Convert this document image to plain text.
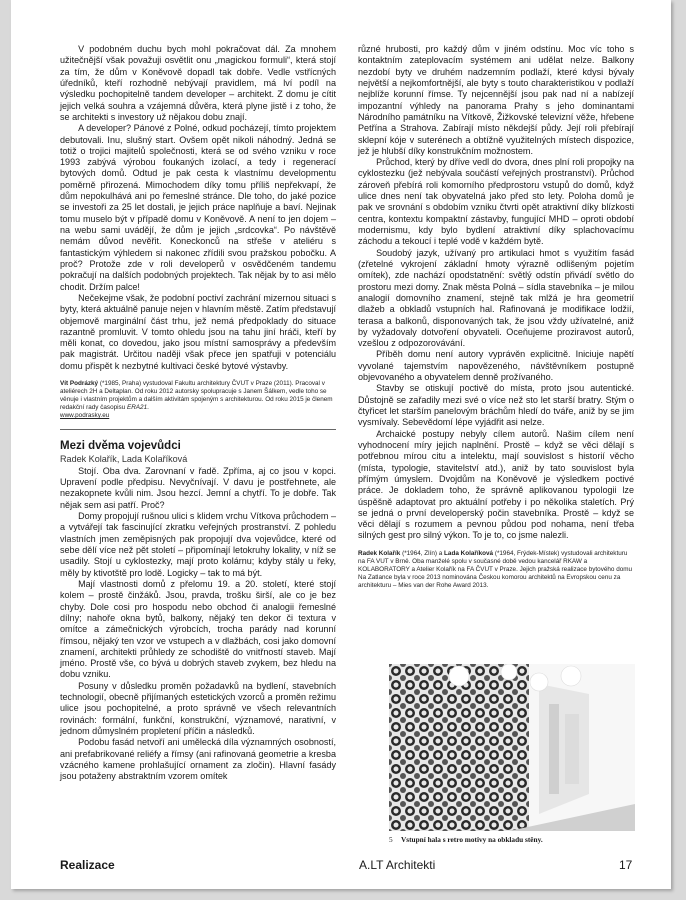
V podobném duchu bych mohl pokračovat dál. Za mnohem užitečnější však považuji osvětlit onu „magickou formuli“, která stojí za tím, že dům v Koněvově dopadl tak dobře. Vedle vstřícných úředníků, kteří rozhodně nebývají pravidlem, má lví podíl na výsledku pochopitelně tandem developer – architekt. Z domu je cítit jejich velká souhra a vzájemná důvěra, která plyne jistě i z toho, že se architekti s investory už nějakou dobu znají.

A developer? Pánové z Polné, odkud pocházejí, tímto projektem debutovali. Inu, slušný start. Ovšem opět nikoli náhodný. Jedná se totiž o trojici majitelů společnosti, která se od svého vzniku v roce 1993 zabývá výrobou foukaných izolací, a tedy i regenerací bytových domů. Odtud je pak cesta k vlastnímu developmentu poměrně přirozená. Mimochodem díky tomu příliš nepřekvapí, že dům nepokulhává ani po řemeslné stránce. Dle toho, do jaké pozice se investoři za 25 let dostali, je jejich práce naplňuje a baví. Nejinak tomu muselo být v případě domu v Koněvově. A není to jen dojem – na webu sami uvádějí, že dům je jejich „srdcovka“. Po návštěvě nemám důvod nevěřit. Koneckonců na střeše v ateliéru s fantastickým výhledem si nakonec zřídili svou pražskou pobočku. A proč? Protože zde v roli developerů v osvědčeném tandemu pokračují na dalších podobných projektech. Tak nějak by to asi mělo chodit. Držím palce!

Nečekejme však, že podobní poctiví zachrání mizernou situaci s byty, která aktuálně panuje nejen v hlavním městě. Zatím představují objemově marginální část trhu, jež nemá předpoklady do situace razantně promluvit. V tomto ohledu jsou na tahu jiní hráči, kteří by měli konat, co dovedou, jako jsou místní samosprávy a především pak magistrát. Určitou naději však přece jen spatřuji v potenciálu domu přispět k nezbytné kultivaci české bytové výstavby.

Vít Podrázký (*1985, Praha) vystudoval Fakultu architektury ČVUT v Praze (2011). Pracoval v ateliérech 2H a Deltaplan. Od roku 2012 autorsky spolupracuje s Janem Šálkem, vedle toho se věnuje i vlastním projektům a dalším aktivitám spojeným s architekturou. Od roku 2015 je členem redakční rady časopisu ERA21.
www.podrasky.eu

Mezi dvěma vojevůdci
Radek Kolařík, Lada Kolaříková

Stojí. Oba dva. Zarovnaní v řadě. Zpříma, aj co jsou v kopci. Upravení podle předpisu. Nevyčnívají. V davu je postřehnete, ale nezakopnete kvůli nim. Jsou hezcí. Jemní a chytří. To je dobře. Tak nějak sem asi patří. Proč?

Domy propojují rušnou ulici s klidem vrchu Vítkova průchodem – a vytvářejí tak fascinující zkratku veřejných prostranství. Z pohledu vlastních jmen zeměpisných pak propojují dva vojevůdce, které od sebe dělí více než pět století – připomínají letokruhy lokality, v níž se usadily. Stojí u cyklostezky, mají proto kolárnu; kdyby stály u řeky, měly by ktivotště pro lodě. Logicky – tak to má být.

Mají vlastnosti domů z přelomu 19. a 20. století, které stojí kolem – prostě činžáků. Jsou, pravda, trošku širší, ale co je bez chyby. Dole cosi pro hospodu nebo obchod či analogii řemeslné dílny; nahoře okna bytů, balkony, nějaký ten dekor či textura v omítce a zámečnických výrobcích, trocha parády nad korunní římsou, nějaký ten vzor ve vstupech a v dlažbách, cosi jako domovní znamení, architekti průhledy ze schodiště do vnitřností staveb. Mají jméno. Prostě vše, co bývá u dobrých staveb zvykem, bez hledu na dobu vzniku.

Posuny v důsledku proměn požadavků na bydlení, stavebních technologií, obecně přijímaných estetických vzorců a proměn režimu ulice jsou pochopitelné, a proto správně ve všech relevantních rovinách: formální, funkční, konstrukční, významové, narativní, v jednom důmyslném propletení příčin a následků.

Podobu fasád netvoří ani umělecká díla významných osobností, ani prefabrikované reliéfy a římsy (ani rafinovaná geometrie a kresba vzácného kamene prohlašující ornament za zločin). Hlavní fasády jsou potaženy abstraktním vzorem omítek

různé hrubosti, pro každý dům v jiném odstínu. Moc víc toho s kontaktním zateplovacím systémem ani udělat nelze. Balkony nezdobí byty ve druhém nadzemním podlaží, které kdysi bývaly největší a nejkomfortnější, ale byty s touto charakteristikou v podlaží nejblíže korunní římse. Ty nejcennější jsou pak nad ní a nabízejí impozantní výhledy na panorama Prahy s jeho dominantami Národního památníku na Vítkově, Žižkovské televizní věže, hřebene Petřína a Strahova. Zabírají místo někdejší půdy. Její roli přebírají sklepní kóje v suterénech a obtížně využitelných místech dispozice, jež je hlubší díky konstrukčním možnostem.

Průchod, který by dříve vedl do dvora, dnes plní roli propojky na cyklostezku (jež nebývala součástí veřejných prostranství). Průchod zároveň přebírá roli komorního předprostoru vstupů do domů, když ulice dnes není tak obyvatelná jako před sto lety. Poloha domů je pak ve srovnání s obdobím vzniku čtvrti opět atraktivní díky blízkosti centra, kontextu kompaktní zástavby, fungující MHD – oproti období modernismu, kdy bylo bydlení atraktivní díky splachovacímu záchodu a tekoucí i teplé vodě v každém bytě.

Soudobý jazyk, užívaný pro artikulaci hmot s využitím fasád (zřetelné vykrojení základní hmoty výrazně odlišeným pojetím omítek), zde nachází opodstatnění: světlý odstín přivádí světlo do prostoru mezi domy. Znak města Polná – sídla stavebníka – je milou analogií domovního znamení, stejně tak mlžá je hra geometrií dlažeb a obkladů vstupních hal. Rafinovaná je modifikace lodžií, terasa a balkonů, disponovaných tak, že jsou vždy užívatelné, aniž by vyžadovaly dotvoření obyvateli. Oceňujeme proziravost autorů, vzešlou z odpozorovávání.

Příběh domu není autory vyprávěn explicitně. Iniciuje napětí vyvolané tajemstvím napovězeného, návštěvníkem postupně objevovaného a obyvatelem denně prožívaného.

Stavby se otiskují poctivě do místa, proto jsou autentické. Důstojně se zařadily mezi své o více než sto let starší bratry. Stým o čtyřicet let starším panelovým bráchům hledí do tváře, aniž by se jim vysmívaly. Sebevědomí lépe vyjádřit asi nelze.

Archaické postupy nebyly cílem autorů. Našim cílem není vyhodnocení míry jejich naplnění. Prostě – když se věci dělají s potřebnou mírou citu a intelektu, mají souvislost s historií věcho (místa, typologie, stavitelství atd.), aniž by tato souvislost byla přímým úmyslem. Dvojdům na Koněvově je výsledkem poctivé práce. Je dokladem toho, že správně aplikovanou typologii lze úspěšně adaptovat pro aktuální potřeby i po několika staletích. Prý se jedná o první developerský počin stavebníka. Prostě – když se věci dělají s rozumem a pevnou půdou pod nohama, není třeba silných gest pro silný výkon. To je to, co jsme nalezli.

Radek Kolařík (*1964, Zlín) a Lada Kolaříková (*1964, Frýdek-Místek) vystudovali architekturu na FA VUT v Brně. Oba manželé spolu v současné době vedou kancelář RKAW a KOLABORATORY a Atelier Kolařík na FA ČVUT v Praze. Jejich pražská realizace bytového domu Na Zatlance byla v roce 2013 nominována Českou komorou architektů na Evropskou cenu za architekturu – Mies van der Rohe Award 2013.

5 Vstupní hala s retro motivy na obkladu stěny.
Realizace	A.LT Architekti	17
